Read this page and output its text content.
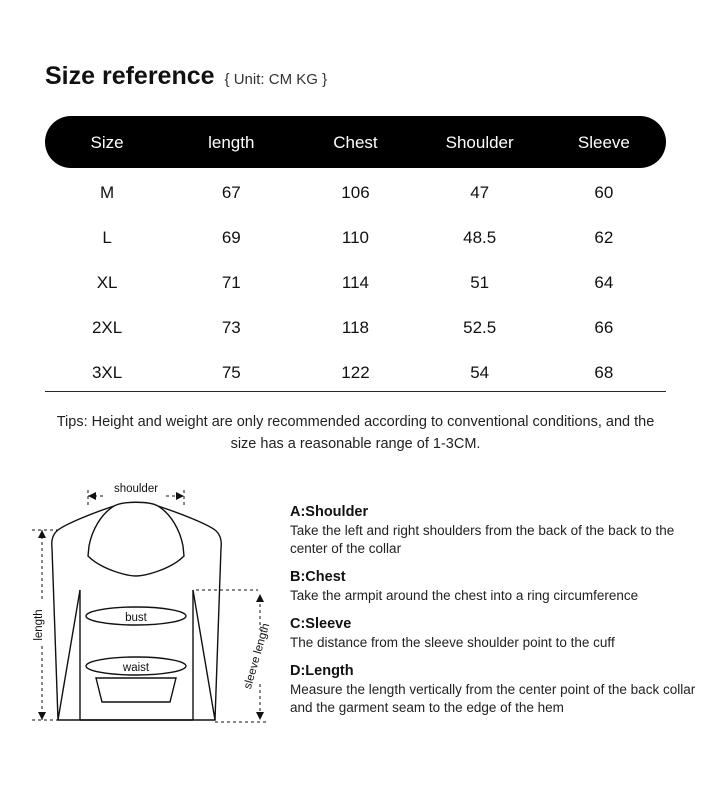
Size reference { Unit: CM KG }
Size	length	Chest	Shoulder	Sleeve
M	67	106	47	60
L	69	110	48.5	62
XL	71	114	51	64
2XL	73	118	52.5	66
3XL	75	122	54	68
Tips: Height and weight are only recommended according to conventional conditions, and the size has a reasonable range of 1-3CM.
shoulder
bust
waist
length	sleeve length
A:Shoulder
Take the left and right shoulders from the back of the back to the center of the collar
B:Chest
Take the armpit around the chest into a ring circumference
C:Sleeve
The distance from the sleeve shoulder point to the cuff
D:Length
Measure the length vertically from the center point of the back collar and the garment seam to the edge of the hem
